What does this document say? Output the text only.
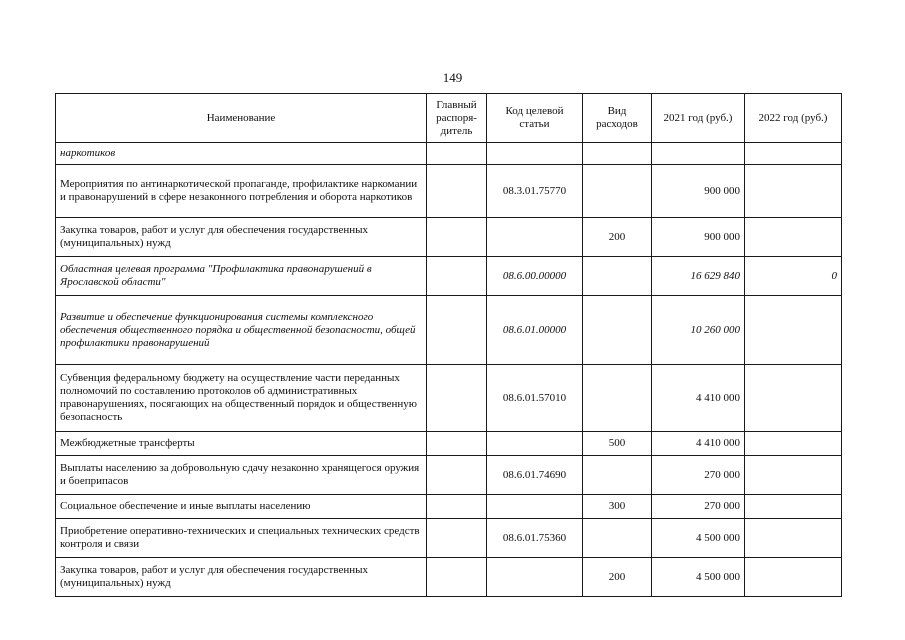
149
Наименование	Главный распоря-дитель	Код целевой статьи	Вид расходов	2021 год (руб.)	2022 год (руб.)
наркотиков					
Мероприятия по антинаркотической пропаганде, профилактике наркомании и правонарушений в сфере незаконного потребления и оборота наркотиков		08.3.01.75770		900 000	
Закупка товаров, работ и услуг для обеспечения государственных (муниципальных) нужд			200	900 000	
Областная целевая программа "Профилактика правонарушений в Ярославской области"		08.6.00.00000		16 629 840	0
Развитие и обеспечение функционирования системы комплексного обеспечения общественного порядка и общественной безопасности, общей профилактики правонарушений		08.6.01.00000		10 260 000	
Субвенция федеральному бюджету на осуществление части переданных полномочий по составлению протоколов об административных правонарушениях, посягающих на общественный порядок и общественную безопасность		08.6.01.57010		4 410 000	
Межбюджетные трансферты			500	4 410 000	
Выплаты населению за добровольную сдачу незаконно хранящегося оружия и боеприпасов		08.6.01.74690		270 000	
Социальное обеспечение и иные выплаты населению			300	270 000	
Приобретение оперативно-технических и специальных технических средств контроля и связи		08.6.01.75360		4 500 000	
Закупка товаров, работ и услуг для обеспечения государственных (муниципальных) нужд			200	4 500 000	
